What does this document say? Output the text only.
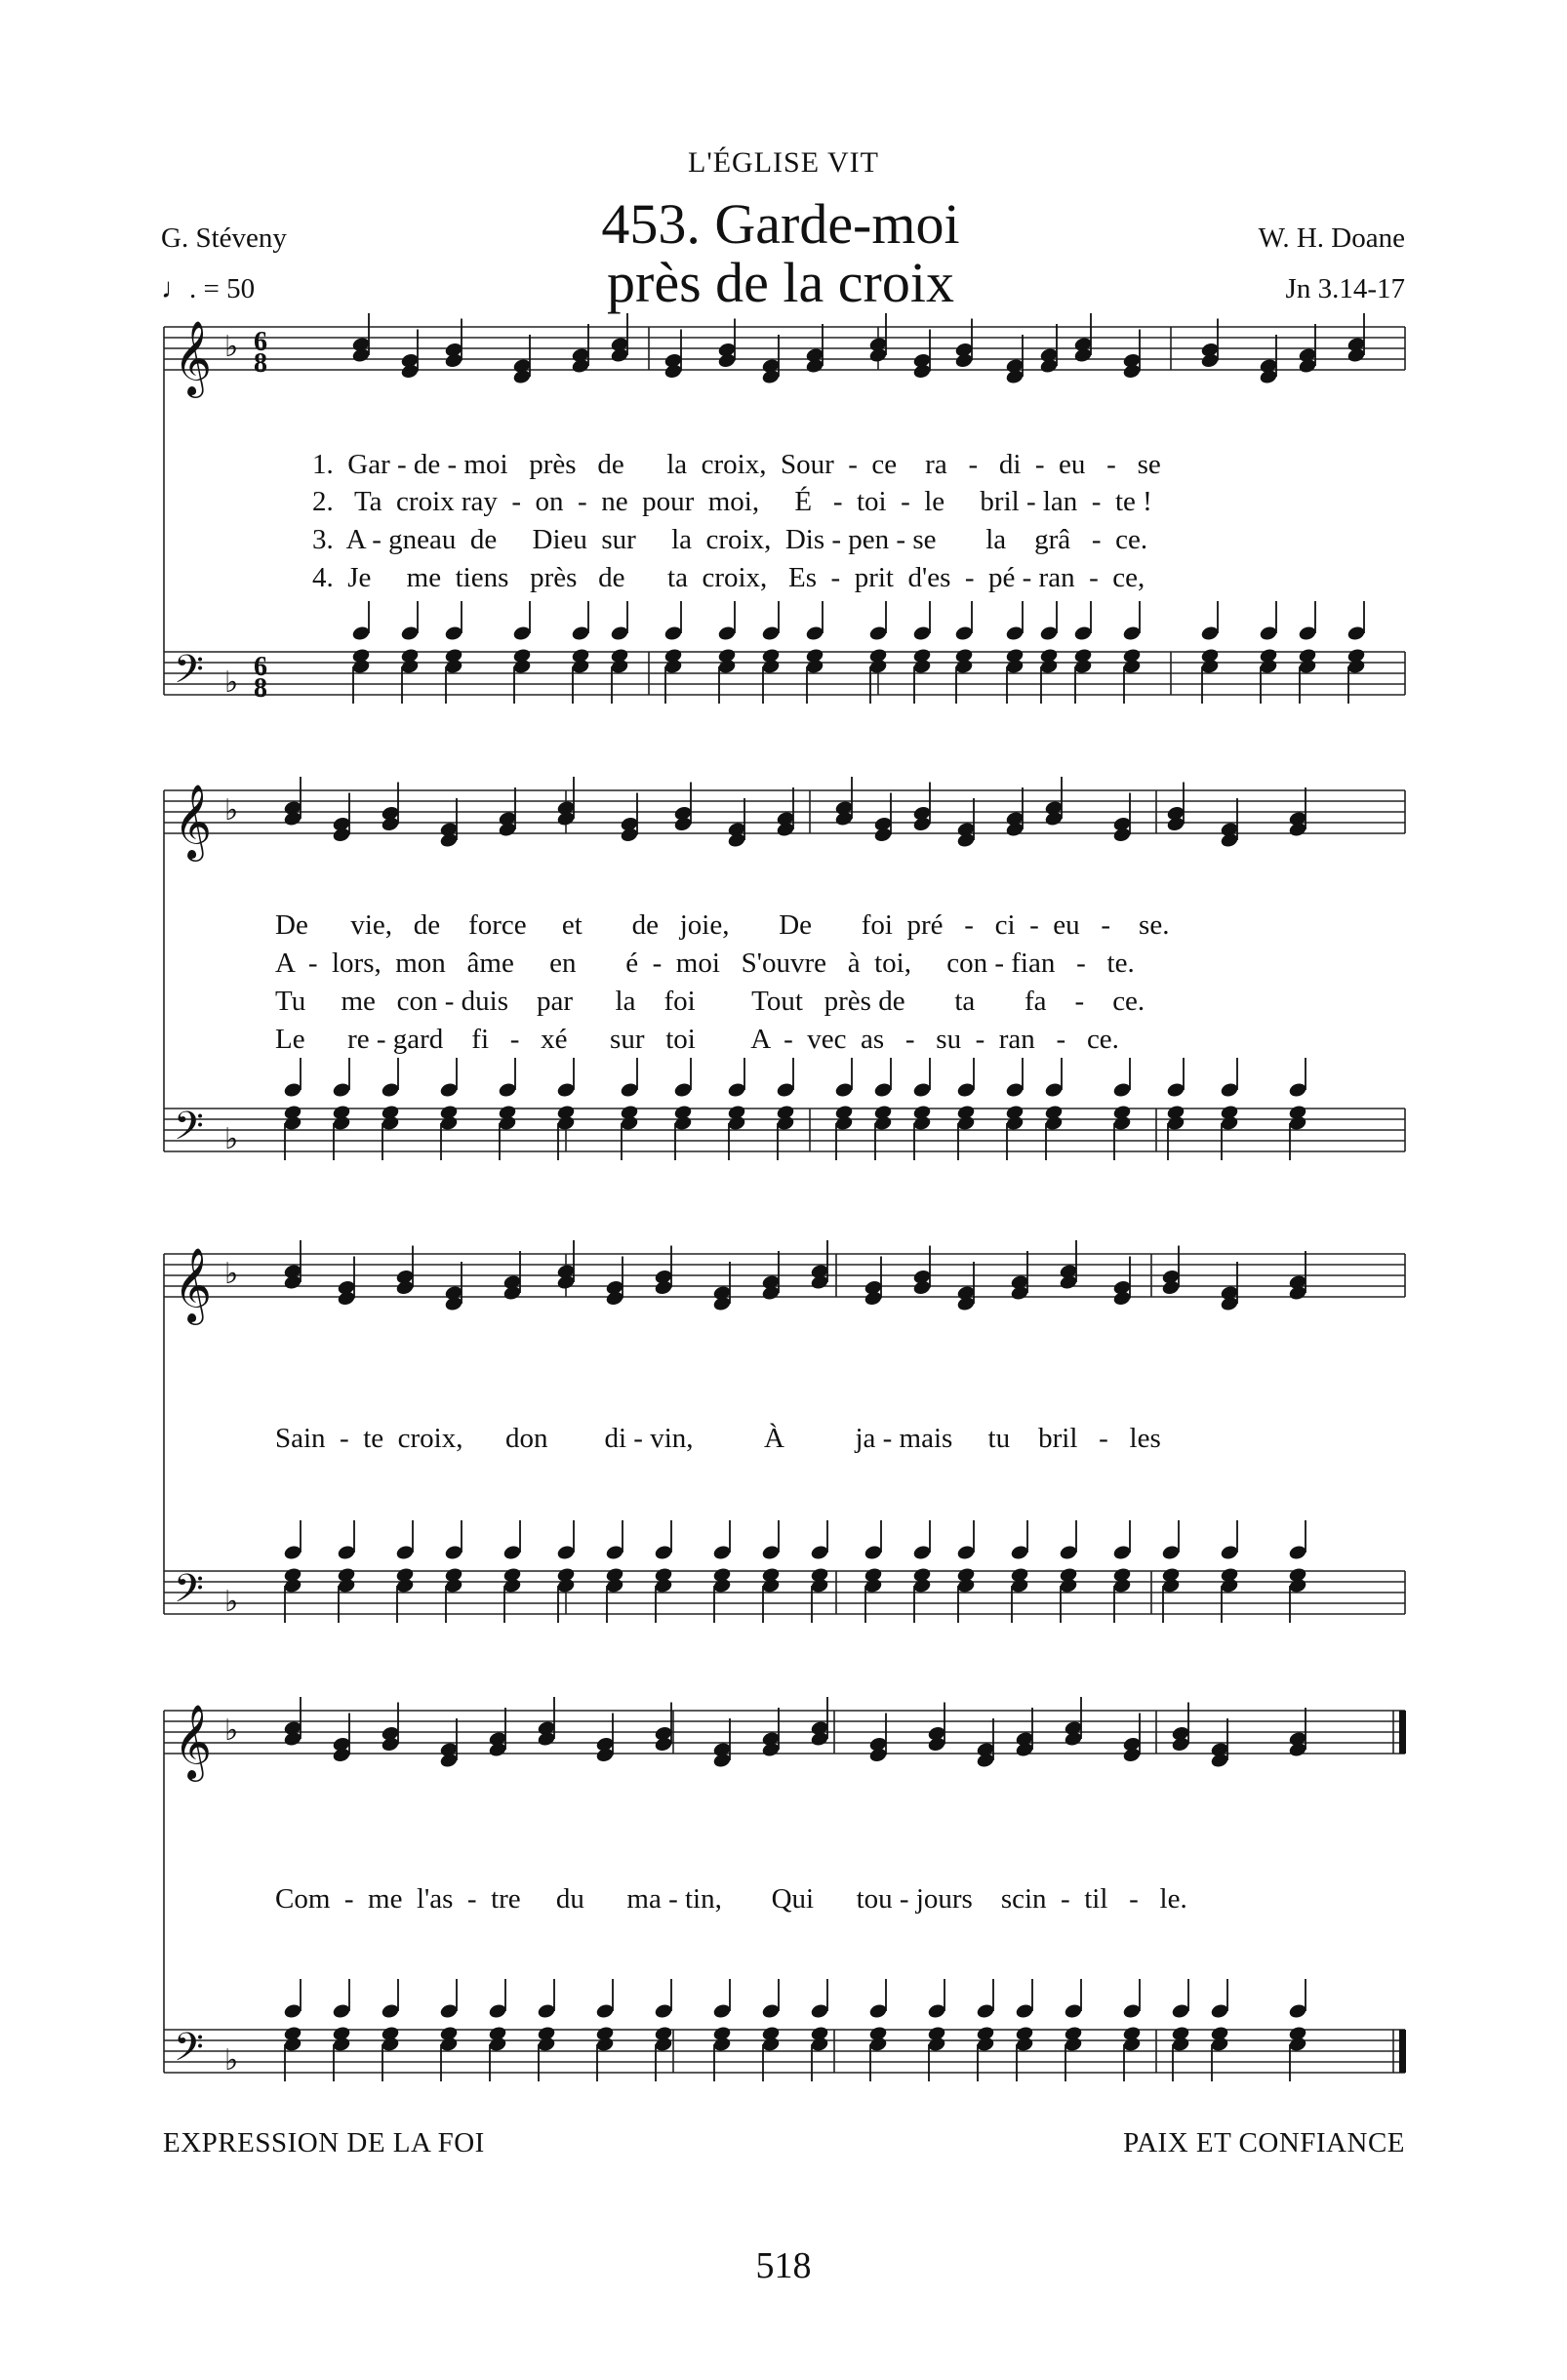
L'ÉGLISE VIT
G. Stéveny
♩. = 50
W. H. Doane
Jn 3.14-17
453. Garde-moi
près de la croix
𝄞 ♭ 6
8
𝄢 ♭ 6
8
𝄞 ♭
𝄢 ♭
𝄞 ♭
𝄢 ♭
𝄞 ♭
𝄢 ♭
1.  Gar - de - moi   près   de      la  croix,  Sour  -  ce    ra   -   di  -  eu   -   se
2.   Ta  croix ray  -  on  -  ne  pour  moi,     É   -  toi  -  le     bril - lan  -  te !
3.  A - gneau  de     Dieu  sur     la  croix,  Dis - pen - se       la    grâ   -  ce.
4.  Je     me  tiens   près   de      ta  croix,   Es  -  prit  d'es  -  pé - ran  -  ce,
De      vie,   de    force     et       de   joie,       De       foi  pré   -   ci  -  eu   -    se.
A  -  lors,  mon   âme     en       é  -  moi   S'ouvre   à  toi,     con - fian   -   te.
Tu     me   con - duis    par      la    foi        Tout   près de       ta       fa    -    ce.
Le      re - gard    fi   -   xé      sur   toi        A  -  vec  as   -   su  -  ran   -   ce.
Sain  -  te  croix,      don        di - vin,          À          ja - mais     tu    bril   -   les
Com  -  me  l'as  -  tre     du      ma - tin,       Qui      tou - jours    scin  -  til   -   le.
EXPRESSION DE LA FOI	PAIX ET CONFIANCE
518
